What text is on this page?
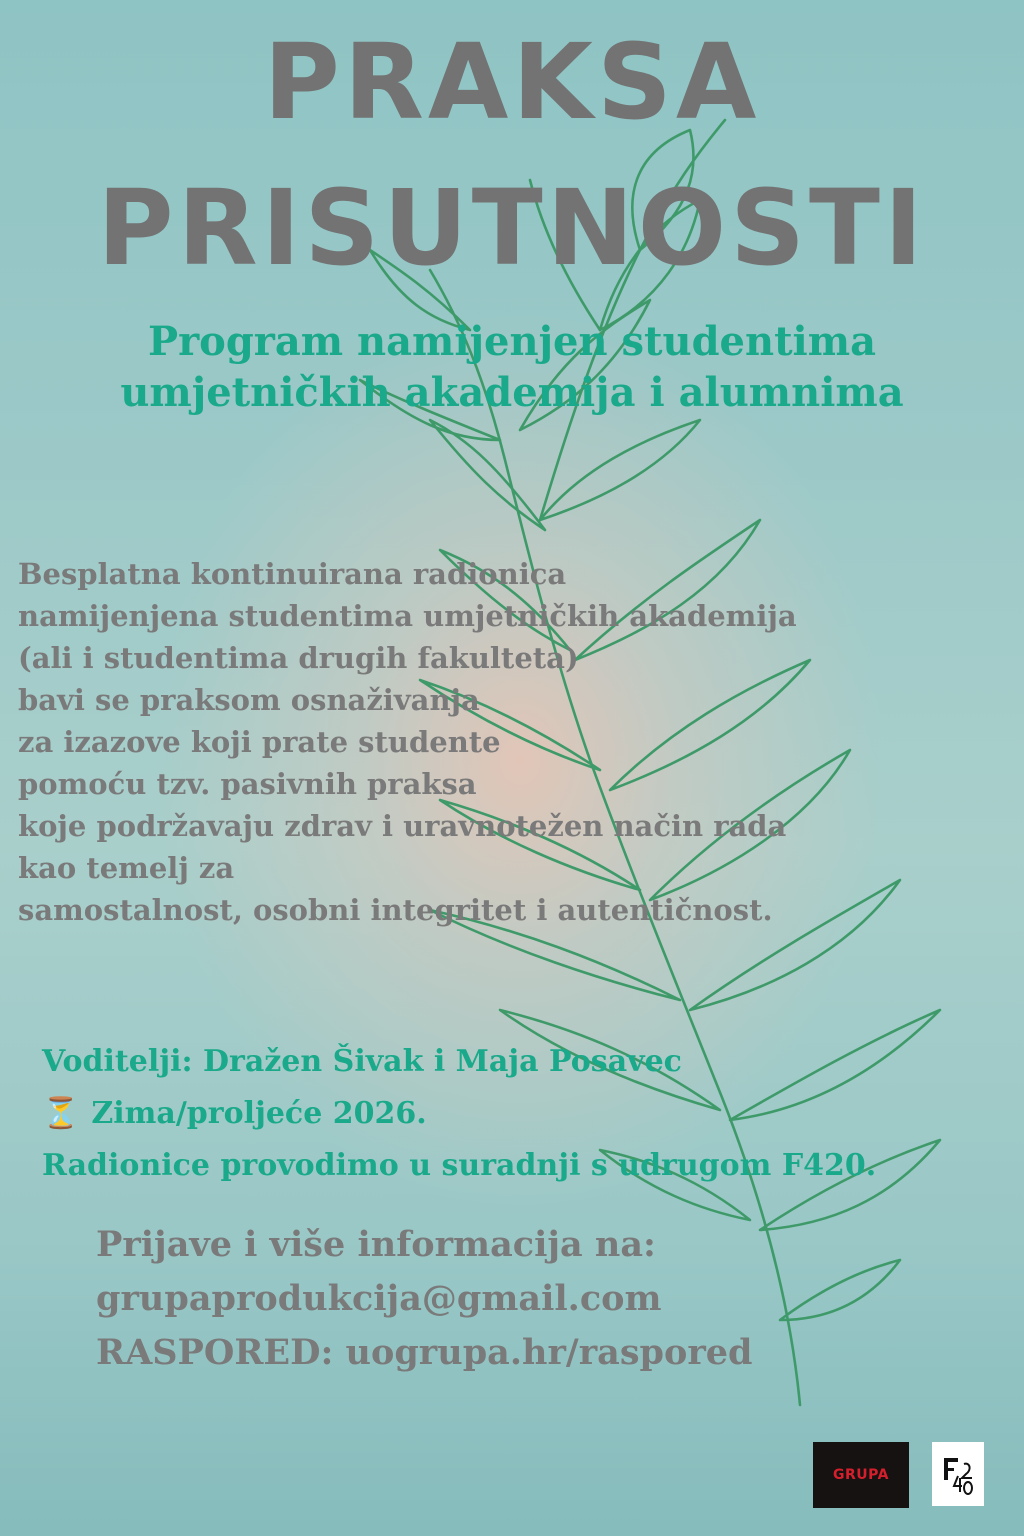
PRAKSA
PRISUTNOSTI
Program namijenjen studentima
umjetničkih akademija i alumnima
Besplatna kontinuirana radionica
namijenjena studentima umjetničkih akademija
(ali i studentima drugih fakulteta)
bavi se praksom osnaživanja
za izazove koji prate studente
pomoću tzv. pasivnih praksa
koje podržavaju zdrav i uravnotežen način rada
kao temelj za
samostalnost, osobni integritet i autentičnost.
Voditelji: Dražen Šivak i Maja Posavec
⏳ Zima/proljeće 2026.
Radionice provodimo u suradnji s udrugom F420.
Prijave i više informacija na:
grupaprodukcija@gmail.com
RASPORED: uogrupa.hr/raspored
GRUPA
